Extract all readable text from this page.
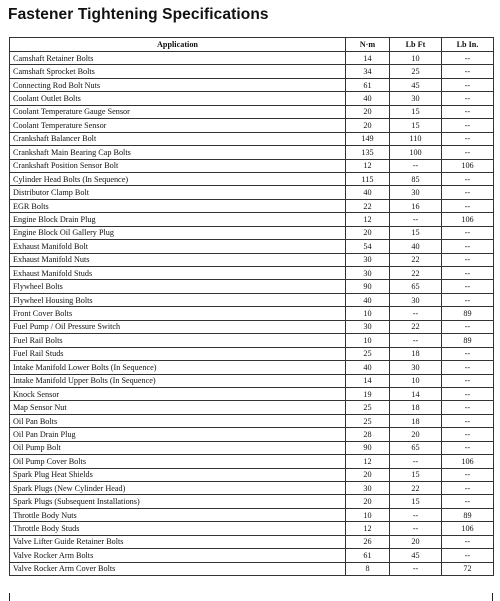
Fastener Tightening Specifications
Application	N·m	Lb Ft	Lb In.
Camshaft Retainer Bolts	14	10	--
Camshaft Sprocket Bolts	34	25	--
Connecting Rod Bolt Nuts	61	45	--
Coolant Outlet Bolts	40	30	--
Coolant Temperature Gauge Sensor	20	15	--
Coolant Temperature Sensor	20	15	--
Crankshaft Balancer Bolt	149	110	--
Crankshaft Main Bearing Cap Bolts	135	100	--
Crankshaft Position Sensor Bolt	12	--	106
Cylinder Head Bolts (In Sequence)	115	85	--
Distributor Clamp Bolt	40	30	--
EGR Bolts	22	16	--
Engine Block Drain Plug	12	--	106
Engine Block Oil Gallery Plug	20	15	--
Exhaust Manifold Bolt	54	40	--
Exhaust Manifold Nuts	30	22	--
Exhaust Manifold Studs	30	22	--
Flywheel Bolts	90	65	--
Flywheel Housing Bolts	40	30	--
Front Cover Bolts	10	--	89
Fuel Pump / Oil Pressure Switch	30	22	--
Fuel Rail Bolts	10	--	89
Fuel Rail Studs	25	18	--
Intake Manifold Lower Bolts (In Sequence)	40	30	--
Intake Manifold Upper Bolts (In Sequence)	14	10	--
Knock Sensor	19	14	--
Map Sensor Nut	25	18	--
Oil Pan Bolts	25	18	--
Oil Pan Drain Plug	28	20	--
Oil Pump Bolt	90	65	--
Oil Pump Cover Bolts	12	--	106
Spark Plug Heat Shields	20	15	--
Spark Plugs (New Cylinder Head)	30	22	--
Spark Plugs (Subsequent Installations)	20	15	--
Throttle Body Nuts	10	--	89
Throttle Body Studs	12	--	106
Valve Lifter Guide Retainer Bolts	26	20	--
Valve Rocker Arm Bolts	61	45	--
Valve Rocker Arm Cover Bolts	8	--	72
